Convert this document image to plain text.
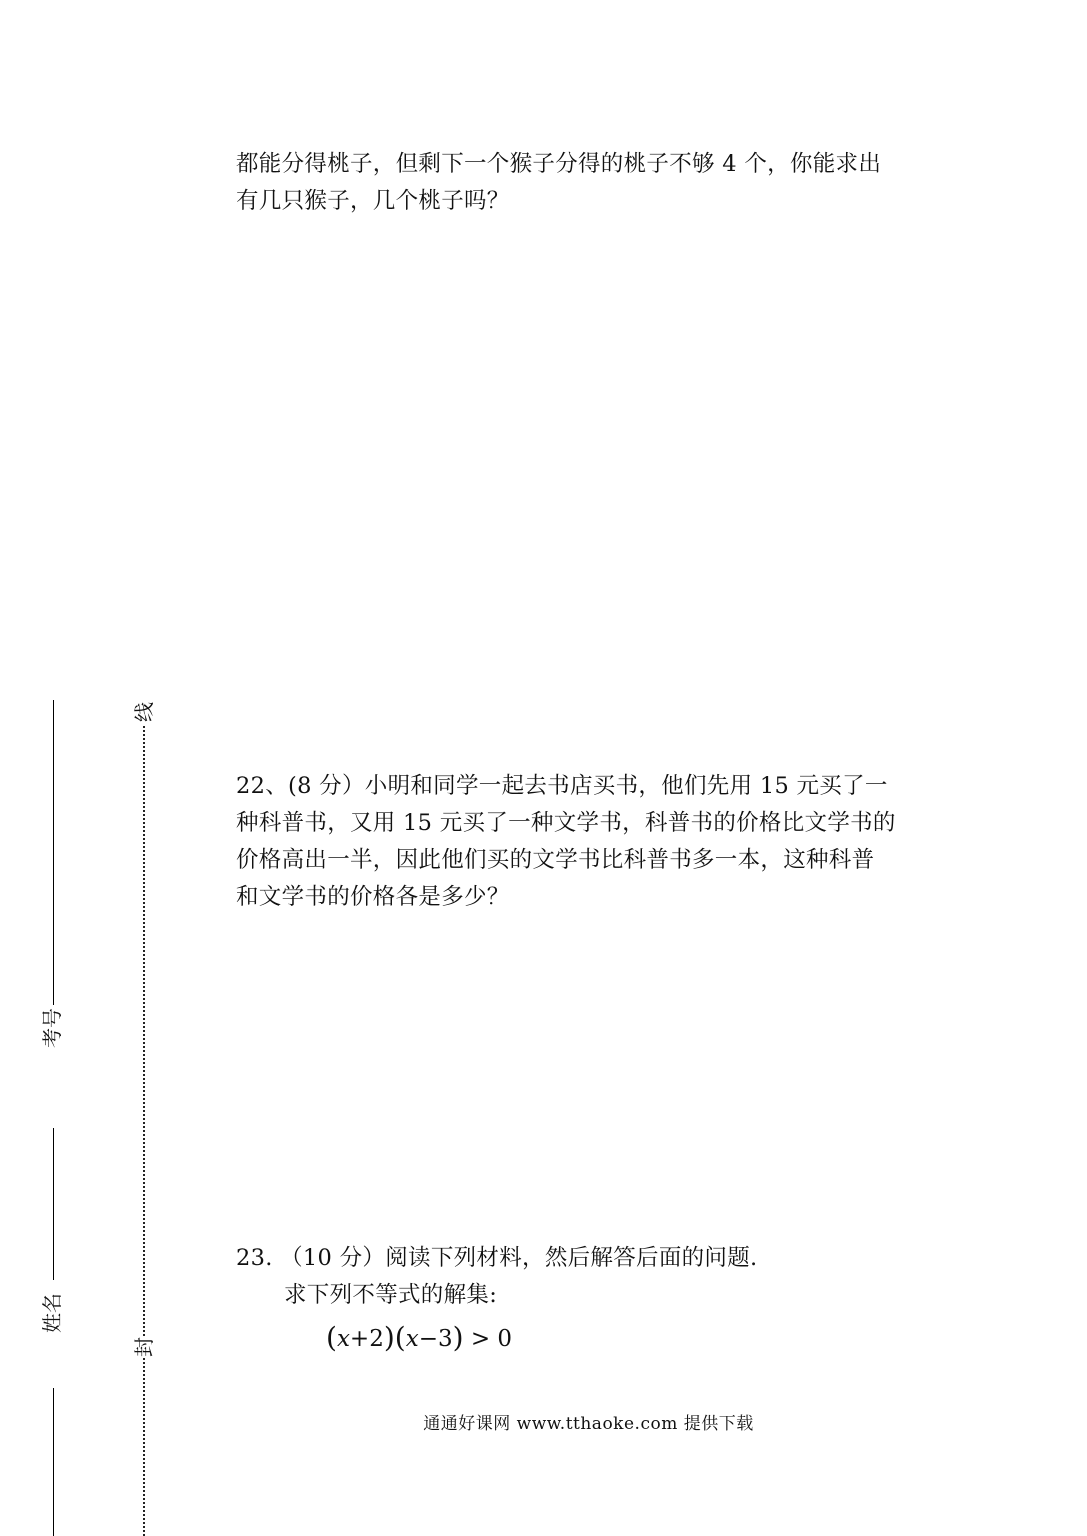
都能分得桃子，但剩下一个猴子分得的桃子不够 4 个，你能求出
有几只猴子，几个桃子吗？
22、(8 分）小明和同学一起去书店买书，他们先用 15 元买了一
种科普书，又用 15 元买了一种文学书，科普书的价格比文学书的
价格高出一半，因此他们买的文学书比科普书多一本，这种科普
和文学书的价格各是多少？
23. （10 分）阅读下列材料，然后解答后面的问题.
求下列不等式的解集:
(x+2)(x−3) > 0
通通好课网 www.tthaoke.com 提供下载
考号
姓名
线
封
